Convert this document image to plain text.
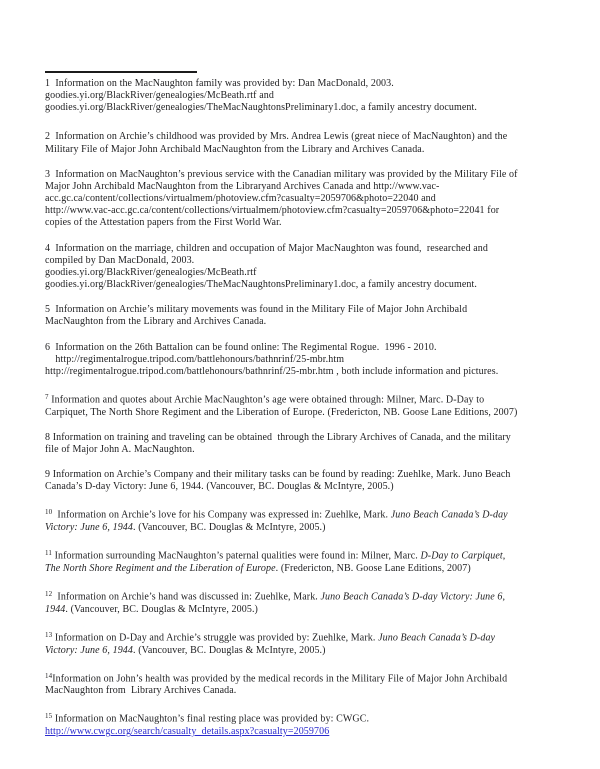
1 Information on the MacNaughton family was provided by: Dan MacDonald, 2003.
goodies.yi.org/BlackRiver/genealogies/McBeath.rtf and
goodies.yi.org/BlackRiver/genealogies/TheMacNaughtonsPreliminary1.doc, a family ancestry document.

2 Information on Archie’s childhood was provided by Mrs. Andrea Lewis (great niece of MacNaughton) and the
Military File of Major John Archibald MacNaughton from the Library and Archives Canada.

3 Information on MacNaughton’s previous service with the Canadian military was provided by the Military File of
Major John Archibald MacNaughton from the Libraryand Archives Canada and http://www.vac-
acc.gc.ca/content/collections/virtualmem/photoview.cfm?casualty=2059706&photo=22040 and
http://www.vac-acc.gc.ca/content/collections/virtualmem/photoview.cfm?casualty=2059706&photo=22041 for
copies of the Attestation papers from the First World War.

4 Information on the marriage, children and occupation of Major MacNaughton was found,  researched and
compiled by Dan MacDonald, 2003.
goodies.yi.org/BlackRiver/genealogies/McBeath.rtf
goodies.yi.org/BlackRiver/genealogies/TheMacNaughtonsPreliminary1.doc, a family ancestry document.

5 Information on Archie’s military movements was found in the Military File of Major John Archibald
MacNaughton from the Library and Archives Canada.

6 Information on the 26th Battalion can be found online: The Regimental Rogue.  1996 - 2010.
http://regimentalrogue.tripod.com/battlehonours/bathnrinf/25-mbr.htm
http://regimentalrogue.tripod.com/battlehonours/bathnrinf/25-mbr.htm , both include information and pictures.

$^7$ Information and quotes about Archie MacNaughton’s age were obtained through: Milner, Marc. D-Day to
Carpiquet, The North Shore Regiment and the Liberation of Europe. (Fredericton, NB. Goose Lane Editions, 2007)

8 Information on training and traveling can be obtained  through the Library Archives of Canada, and the military
file of Major John A. MacNaughton.

9 Information on Archie’s Company and their military tasks can be found by reading: Zuehlke, Mark. Juno Beach
Canada’s D-day Victory: June 6, 1944. (Vancouver, BC. Douglas & McIntyre, 2005.)

$^{10}$ Information on Archie’s love for his Company was expressed in: Zuehlke, Mark. Juno Beach Canada’s D-day
Victory: June 6, 1944. (Vancouver, BC. Douglas & McIntyre, 2005.)

$^{11}$ Information surrounding MacNaughton’s paternal qualities were found in: Milner, Marc. D-Day to Carpiquet,
The North Shore Regiment and the Liberation of Europe. (Fredericton, NB. Goose Lane Editions, 2007)

$^{12}$ Information on Archie’s hand was discussed in: Zuehlke, Mark. Juno Beach Canada’s D-day Victory: June 6,
1944. (Vancouver, BC. Douglas & McIntyre, 2005.)

$^{13}$ Information on D-Day and Archie’s struggle was provided by: Zuehlke, Mark. Juno Beach Canada’s D-day
Victory: June 6, 1944. (Vancouver, BC. Douglas & McIntyre, 2005.)

$^{14}$Information on John’s health was provided by the medical records in the Military File of Major John Archibald
MacNaughton from  Library Archives Canada.

$^{15}$ Information on MacNaughton’s final resting place was provided by: CWGC.
http://www.cwgc.org/search/casualty_details.aspx?casualty=2059706
